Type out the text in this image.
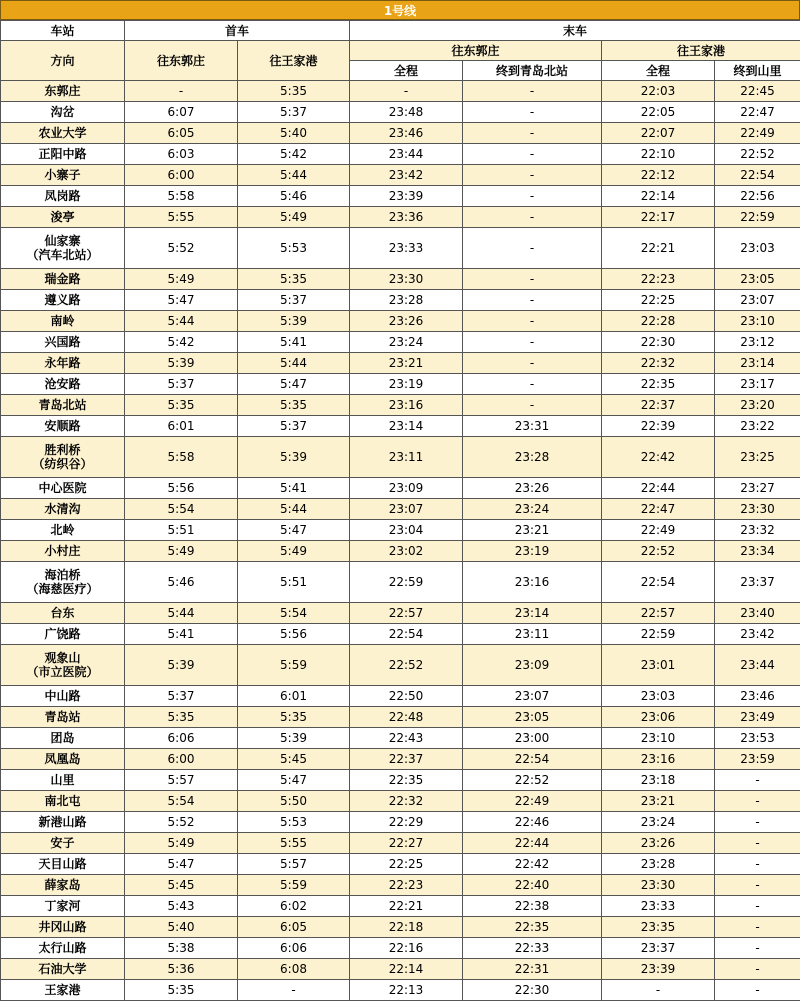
1号线
车站	首车		末车			
方向	往东郭庄	往王家港	往东郭庄		往王家港	
			全程	终到青岛北站	全程	终到山里

东郭庄	-	5:35	-	-	22:03	22:45

沟岔	6:07	5:37	23:48	-	22:05	22:47

农业大学	6:05	5:40	23:46	-	22:07	22:49

正阳中路	6:03	5:42	23:44	-	22:10	22:52

小寨子	6:00	5:44	23:42	-	22:12	22:54

凤岗路	5:58	5:46	23:39	-	22:14	22:56

浚亭	5:55	5:49	23:36	-	22:17	22:59

仙家寨
（汽车北站）	5:52	5:53	23:33	-	22:21	23:03

瑞金路	5:49	5:35	23:30	-	22:23	23:05

遵义路	5:47	5:37	23:28	-	22:25	23:07

南岭	5:44	5:39	23:26	-	22:28	23:10

兴国路	5:42	5:41	23:24	-	22:30	23:12

永年路	5:39	5:44	23:21	-	22:32	23:14

沧安路	5:37	5:47	23:19	-	22:35	23:17

青岛北站	5:35	5:35	23:16	-	22:37	23:20

安顺路	6:01	5:37	23:14	23:31	22:39	23:22

胜利桥
（纺织谷）	5:58	5:39	23:11	23:28	22:42	23:25

中心医院	5:56	5:41	23:09	23:26	22:44	23:27

水清沟	5:54	5:44	23:07	23:24	22:47	23:30

北岭	5:51	5:47	23:04	23:21	22:49	23:32

小村庄	5:49	5:49	23:02	23:19	22:52	23:34

海泊桥
（海慈医疗）	5:46	5:51	22:59	23:16	22:54	23:37

台东	5:44	5:54	22:57	23:14	22:57	23:40

广饶路	5:41	5:56	22:54	23:11	22:59	23:42

观象山
（市立医院）	5:39	5:59	22:52	23:09	23:01	23:44

中山路	5:37	6:01	22:50	23:07	23:03	23:46

青岛站	5:35	5:35	22:48	23:05	23:06	23:49

团岛	6:06	5:39	22:43	23:00	23:10	23:53

凤凰岛	6:00	5:45	22:37	22:54	23:16	23:59

山里	5:57	5:47	22:35	22:52	23:18	-

南北屯	5:54	5:50	22:32	22:49	23:21	-

新港山路	5:52	5:53	22:29	22:46	23:24	-

安子	5:49	5:55	22:27	22:44	23:26	-

天目山路	5:47	5:57	22:25	22:42	23:28	-

薛家岛	5:45	5:59	22:23	22:40	23:30	-

丁家河	5:43	6:02	22:21	22:38	23:33	-

井冈山路	5:40	6:05	22:18	22:35	23:35	-

太行山路	5:38	6:06	22:16	22:33	23:37	-

石油大学	5:36	6:08	22:14	22:31	23:39	-

王家港	5:35	-	22:13	22:30	-	-
